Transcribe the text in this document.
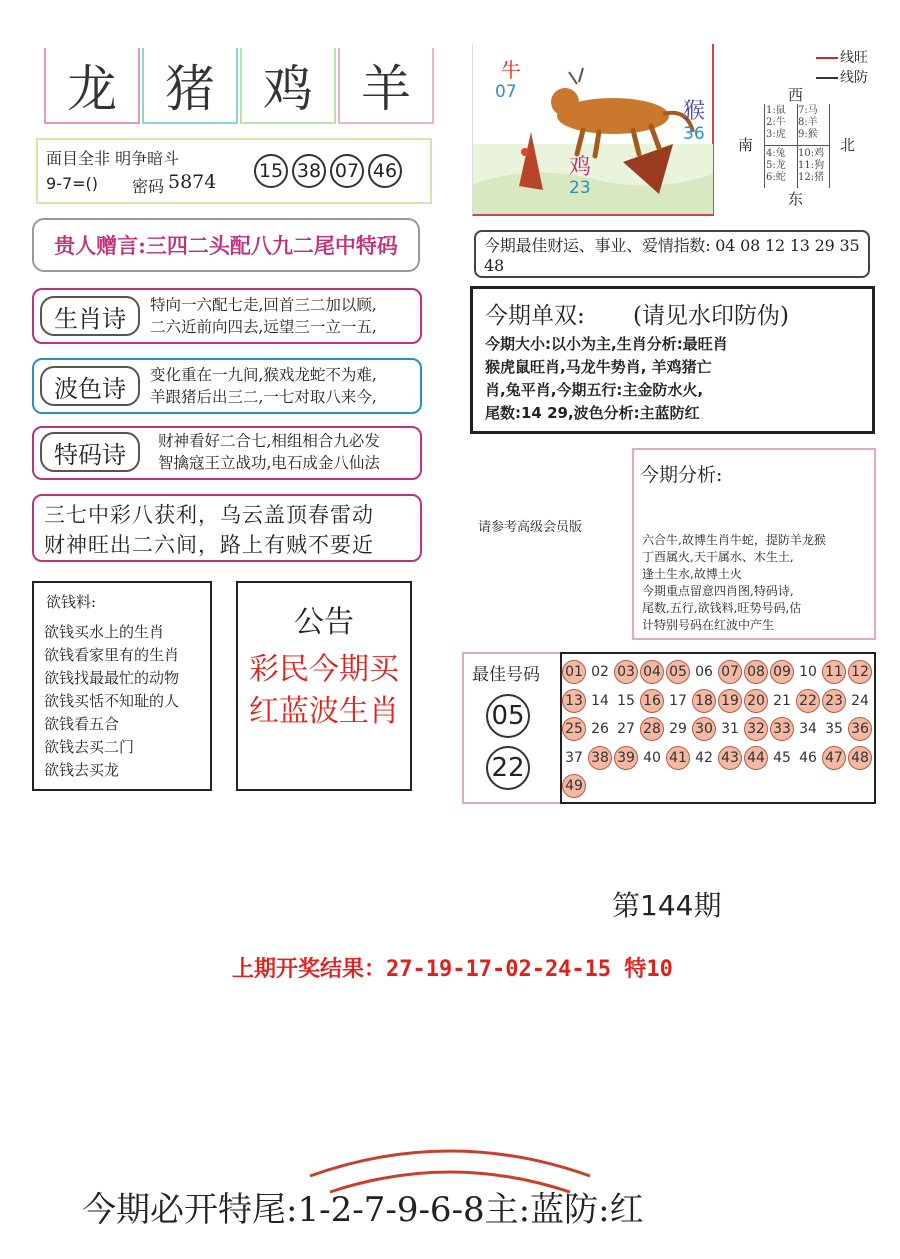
龙 猪 鸡 羊
面目全非 明争暗斗
9-7=() 密码 5874 15 38 07 46
贵人赠言:三四二头配八九二尾中特码
生肖诗 特向一六配七走,回首三二加以顾,
二六近前向四去,远望三一立一五,
波色诗 变化重在一九间,猴戏龙蛇不为难,
羊跟猪后出三二,一七对取八来今,
特码诗 财神看好二合七,相组相合九必发
智擒寇王立战功,电石成金八仙法
三七中彩八获利，乌云盖顶春雷动
财神旺出二六间，路上有贼不要近
欲钱料:
欲钱买水上的生肖
欲钱看家里有的生肖
欲钱找最最忙的动物
欲钱买恬不知耻的人
欲钱看五合
欲钱去买二门
欲钱去买龙
公告
彩民今期买
红蓝波生肖
牛
07
猴
36
鸡
23
线旺
线防
西
南	北
东
1:鼠
2:牛
3:虎
7:马
8:羊
9:猴
4:兔
5:龙
6:蛇
10:鸡
11:狗
12:猪
今期最佳财运、事业、爱情指数: 04 08 12 13 29 35 48
今期单双: (请见水印防伪)
今期大小:以小为主,生肖分析:最旺肖
猴虎鼠旺肖,马龙牛势肖, 羊鸡猪亡
肖,兔平肖,今期五行:主金防水火,
尾数:14 29,波色分析:主蓝防红
请参考高级会员版
今期分析:
六合牛,故博生肖牛蛇，提防羊龙猴
丁酉属火,天干属水、木生土,
逢土生水,故博土火
今期重点留意四肖图,特码诗,
尾数,五行,欲钱料,旺势号码,估
计特别号码在红波中产生
最佳号码
05
22
01 02 03 04 05 06 07 08 09 10 11 12
13 14 15 16 17 18 19 20 21 22 23 24
25 26 27 28 29 30 31 32 33 34 35 36
37 38 39 40 41 42 43 44 45 46 47 48
49
第144期
上期开奖结果：27-19-17-02-24-15 特10
今期必开特尾:1-2-7-9-6-8主:蓝防:红
